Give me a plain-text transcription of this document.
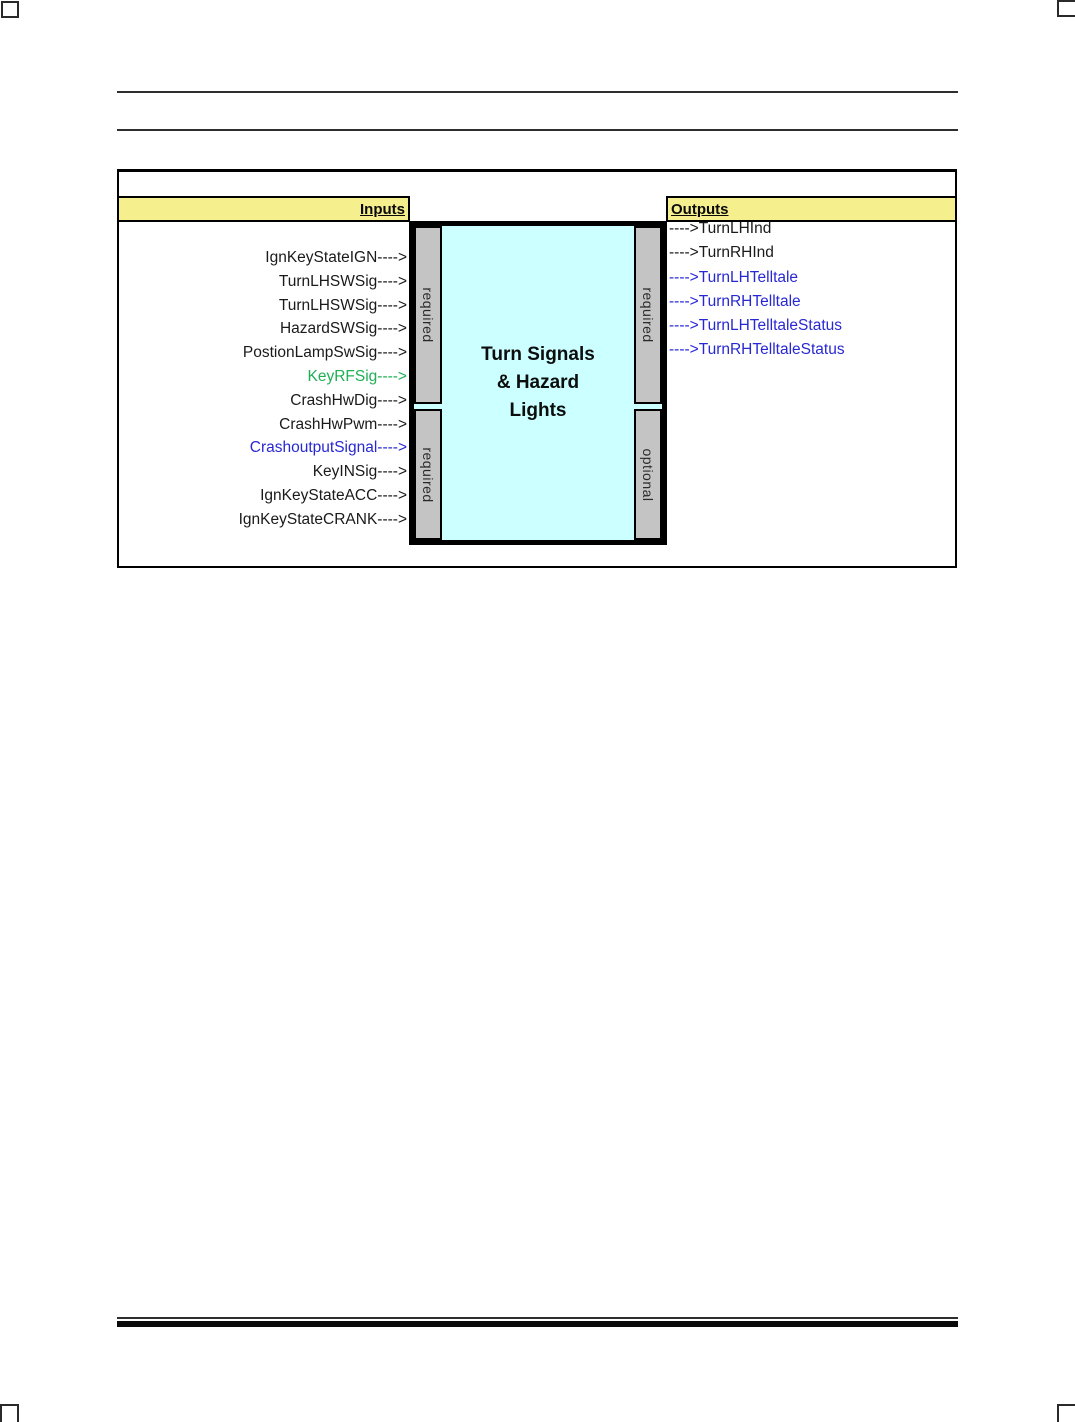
Inputs	Outputs
IgnKeyStateIGN---->
TurnLHSWSig---->
TurnLHSWSig---->
HazardSWSig---->
PostionLampSwSig---->
KeyRFSig---->
CrashHwDig---->
CrashHwPwm---->
CrashoutputSignal---->
KeyINSig---->
IgnKeyStateACC---->
IgnKeyStateCRANK---->
---->TurnLHInd
---->TurnRHInd
---->TurnLHTelltale
---->TurnRHTelltale
---->TurnLHTelltaleStatus
---->TurnRHTelltaleStatus
required
required
required
optional
Turn Signals
& Hazard
Lights
